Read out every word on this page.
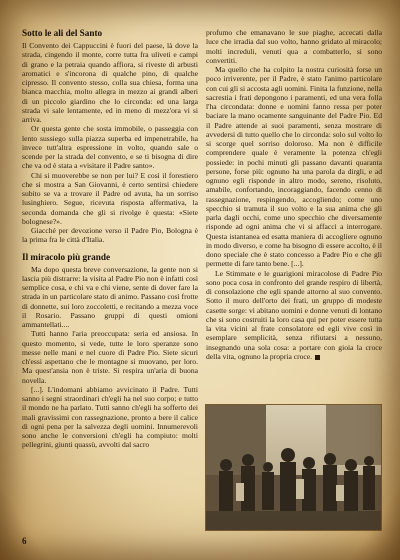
Sotto le ali del Santo

Il Convento dei Cappuccini è fuori del paese, là dove la strada, cingendo il monte, corre tutta fra uliveti e campi di grano e la petraia quando affiora, si riveste di arbusti aromatici e s'incorona di qualche pino, di qualche cipresso. Il convento stesso, colla sua chiesa, forma una bianca macchia, molto allegra in mezzo ai grandi alberi di un piccolo giardino che lo circonda: ed una larga strada vi sale lentamente, ed in meno di mezz'ora vi si arriva.

Or questa gente che sosta immobile, o passeggia con lento sussiego sulla piazza superba ed impenetrabile, ha invece tutt'altra espressione in volto, quando sale o scende per la strada del convento, e se ti bisogna di dire che va od è stata a «visitare il Padre santo».

Chi si muoverebbe se non per lui? E così il forestiero che si mostra a San Giovanni, è certo sentirsi chiedere subito se va a trovare il Padre od avuta, ha un sorriso lusinghiero. Segue, ricevuta risposta affermativa, la seconda domanda che gli si rivolge è questa: «Siete bolognese?».

Giacché per devozione verso il Padre Pio, Bologna è la prima fra le città d'Italia.

Il miracolo più grande

Ma dopo questa breve conversazione, la gente non si lascia più distrarre: la visita al Padre Pio non è infatti così semplice cosa, e chi va e chi viene, sente di dover fare la strada in un particolare stato di animo. Passano così frotte di donnette, sui loro zoccoletti, e recitando a mezza voce il Rosario. Passano gruppi di questi omioni ammantellati....

Tutti hanno l'aria preoccupata: seria ed ansiosa. In questo momento, si vede, tutte le loro speranze sono messe nelle mani e nel cuore di Padre Pio. Siete sicuri ch'essi aspettano che le montagne si muovano, per loro. Ma quest'ansia non è triste. Si respira un'aria di buona novella.

[...]. L'indomani abbiamo avvicinato il Padre. Tutti sanno i segni straordinari ch'egli ha nel suo corpo; e tutto il mondo ne ha parlato. Tutti sanno ch'egli ha sofferto dei mali gravissimi con rassegnazione, pronto a bere il calice di ogni pena per la salvezza degli uomini. Innumerevoli sono anche le conversioni ch'egli ha compiuto: molti pellegrini, giunti quassù, avvolti dal sacro

profumo che emanavano le sue piaghe, accecati dalla luce che irradia dal suo volto, hanno gridato al miracolo; molti increduli, venuti qua a combatterlo, si sono convertiti.

Ma quello che ha colpito la nostra curiosità forse un poco irriverente, per il Padre, è stato l'animo particolare con cui gli si accosta agli uomini. Finita la funzione, nella sacrestia i frati depongono i paramenti, ed una vera folla l'ha circondata: donne e uomini fanno ressa per poter baciare la mano ocamente sanguinante del Padre Pio. Ed il Padre attende ai suoi paramenti, senza mostrare di avvedersi di tutto quello che lo circonda: solo sul volto lo si scorge quel sorriso doloroso. Ma non è difficile comprendere quale è veramente la potenza ch'egli possiede: in pochi minuti gli passano davanti quaranta persone, forse più: ognuno ha una parola da dirgli, e ad ognuno egli risponde in altro modo, sereno, risoluto, amabile, confortando, incoraggiando, facendo cenno di rassegnazione, respingendo, accogliendo; come uno specchio si tramuta il suo volto e la sua anima che gli parla dagli occhi, come uno specchio che diversamente risponde ad ogni anima che vi si affacci a interrogare. Questa istantanea ed esatta maniera di accogliere ognuno in modo diverso, e come ha bisogno di essere accolto, è il dono speciale che è stato concesso a Padre Pio e che gli permette di fare tanto bene. [...].

Le Stimmate e le guarigioni miracolose di Padre Pio sono poca cosa in confronto del grande respiro di libertà, di consolazione che egli spande attorno al suo convento. Sotto il muro dell'orto dei frati, un gruppo di modeste casette sorge: vi abitano uomini e donne venuti di lontano che si sono costruiti la loro casa qui per poter essere tutta la vita vicini al frate consolatore ed egli vive così in esemplare semplicità, senza rifiutarsi a nessuno, insegnando una sola cosa: a portare con gioia la croce della vita, ognuno la propria croce.

6
